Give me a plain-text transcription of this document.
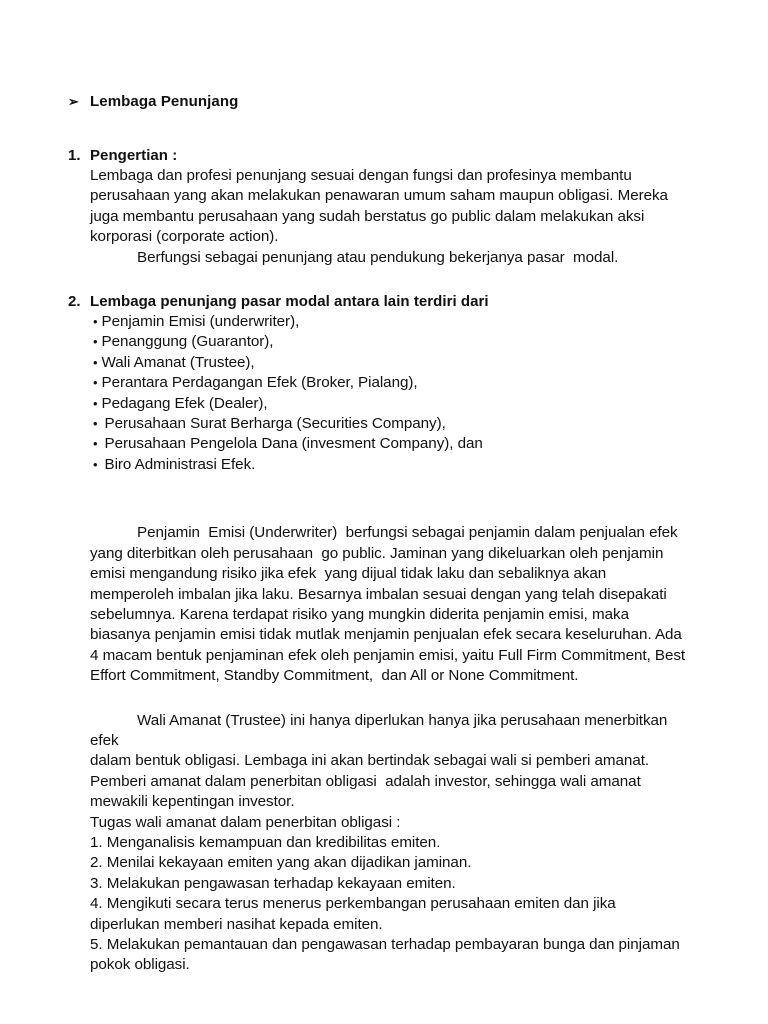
➢ Lembaga Penunjang
1. Pengertian :

Lembaga dan profesi penunjang sesuai dengan fungsi dan profesinya membantu perusahaan yang akan melakukan penawaran umum saham maupun obligasi. Mereka juga membantu perusahaan yang sudah berstatus go public dalam melakukan aksi korporasi (corporate action).

Berfungsi sebagai penunjang atau pendukung bekerjanya pasar  modal.

2. Lembaga penunjang pasar modal antara lain terdiri dari
• Penjamin Emisi (underwriter),
• Penanggung (Guarantor),
• Wali Amanat (Trustee),
• Perantara Perdagangan Efek (Broker, Pialang),
• Pedagang Efek (Dealer),
• Perusahaan Surat Berharga (Securities Company),
• Perusahaan Pengelola Dana (invesment Company), dan
• Biro Administrasi Efek.

Penjamin  Emisi (Underwriter)  berfungsi sebagai penjamin dalam penjualan efek yang diterbitkan oleh perusahaan  go public. Jaminan yang dikeluarkan oleh penjamin emisi mengandung risiko jika efek  yang dijual tidak laku dan sebaliknya akan memperoleh imbalan jika laku. Besarnya imbalan sesuai dengan yang telah disepakati sebelumnya. Karena terdapat risiko yang mungkin diderita penjamin emisi, maka biasanya penjamin emisi tidak mutlak menjamin penjualan efek secara keseluruhan. Ada 4 macam bentuk penjaminan efek oleh penjamin emisi, yaitu Full Firm Commitment, Best Effort Commitment, Standby Commitment,  dan All or None Commitment.

Wali Amanat (Trustee) ini hanya diperlukan hanya jika perusahaan menerbitkan efek

dalam bentuk obligasi. Lembaga ini akan bertindak sebagai wali si pemberi amanat. Pemberi amanat dalam penerbitan obligasi  adalah investor, sehingga wali amanat mewakili kepentingan investor.

Tugas wali amanat dalam penerbitan obligasi :

1. Menganalisis kemampuan dan kredibilitas emiten.
2. Menilai kekayaan emiten yang akan dijadikan jaminan.
3. Melakukan pengawasan terhadap kekayaan emiten.
4. Mengikuti secara terus menerus perkembangan perusahaan emiten dan jika diperlukan memberi nasihat kepada emiten.
5. Melakukan pemantauan dan pengawasan terhadap pembayaran bunga dan pinjaman pokok obligasi.
